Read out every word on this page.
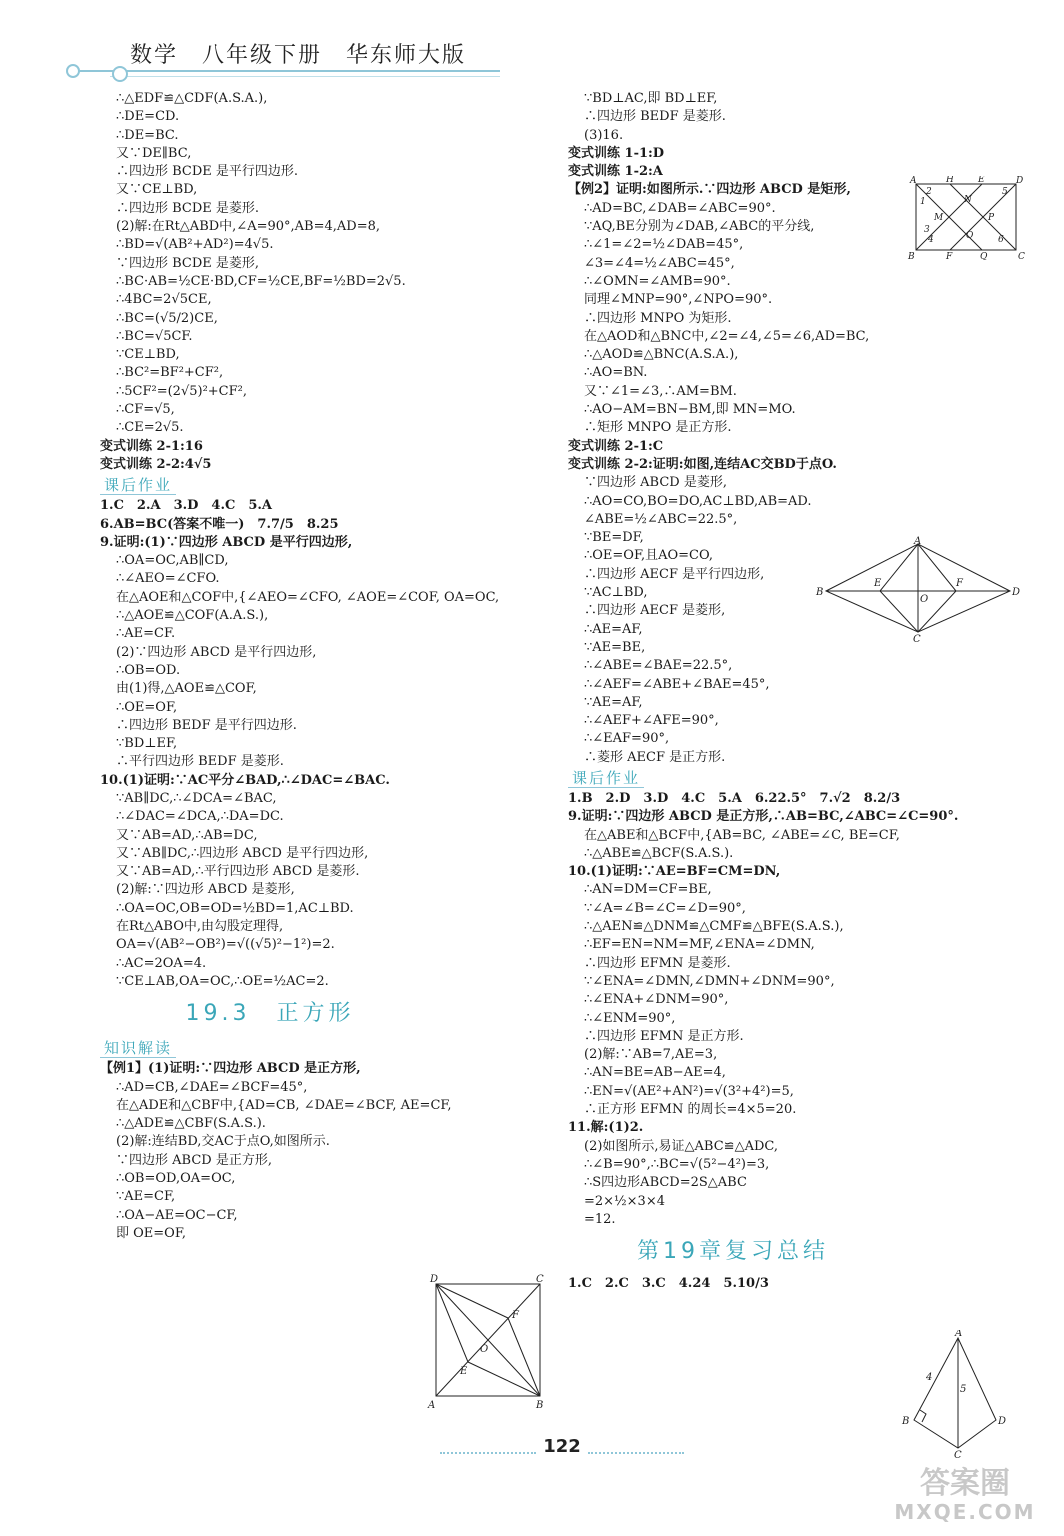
数学　八年级下册　华东师大版
∴△EDF≌△CDF(A.S.A.),
∴DE=CD.
∴DE=BC.
又∵DE∥BC,
∴四边形 BCDE 是平行四边形.
又∵CE⊥BD,
∴四边形 BCDE 是菱形.
(2)解:在Rt△ABD中,∠A=90°,AB=4,AD=8,
∴BD=√(AB²+AD²)=4√5.
∵四边形 BCDE 是菱形,
∴BC·AB=½CE·BD,CF=½CE,BF=½BD=2√5.
∴4BC=2√5CE,
∴BC=(√5/2)CE,
∴BC=√5CF.
∵CE⊥BD,
∴BC²=BF²+CF²,
∴5CF²=(2√5)²+CF²,
∴CF=√5,
∴CE=2√5.
变式训练 2-1:16
变式训练 2-2:4√5
课后作业
1.C　2.A　3.D　4.C　5.A
6.AB=BC(答案不唯一)　7.7/5　8.25
9.证明:(1)∵四边形 ABCD 是平行四边形,
∴OA=OC,AB∥CD,
∴∠AEO=∠CFO.
在△AOE和△COF中,{∠AEO=∠CFO, ∠AOE=∠COF, OA=OC,
∴△AOE≌△COF(A.A.S.),
∴AE=CF.
(2)∵四边形 ABCD 是平行四边形,
∴OB=OD.
由(1)得,△AOE≌△COF,
∴OE=OF,
∴四边形 BEDF 是平行四边形.
∵BD⊥EF,
∴平行四边形 BEDF 是菱形.
10.(1)证明:∵AC平分∠BAD,∴∠DAC=∠BAC.
∵AB∥DC,∴∠DCA=∠BAC,
∴∠DAC=∠DCA,∴DA=DC.
又∵AB=AD,∴AB=DC,
又∵AB∥DC,∴四边形 ABCD 是平行四边形,
又∵AB=AD,∴平行四边形 ABCD 是菱形.
(2)解:∵四边形 ABCD 是菱形,
∴OA=OC,OB=OD=½BD=1,AC⊥BD.
在Rt△ABO中,由勾股定理得,
OA=√(AB²−OB²)=√((√5)²−1²)=2.
∴AC=2OA=4.
∵CE⊥AB,OA=OC,∴OE=½AC=2.
19.3　正方形
知识解读
【例1】(1)证明:∵四边形 ABCD 是正方形,
∴AD=CB,∠DAE=∠BCF=45°,
在△ADE和△CBF中,{AD=CB, ∠DAE=∠BCF, AE=CF,
∴△ADE≌△CBF(S.A.S.).
(2)解:连结BD,交AC于点O,如图所示.
∵四边形 ABCD 是正方形,
∴OB=OD,OA=OC,
∵AE=CF,
∴OA−AE=OC−CF,
即 OE=OF,
∵BD⊥AC,即 BD⊥EF,
∴四边形 BEDF 是菱形.
(3)16.
变式训练 1-1:D
变式训练 1-2:A
【例2】证明:如图所示.∵四边形 ABCD 是矩形,
∴AD=BC,∠DAB=∠ABC=90°.
∵AQ,BE分别为∠DAB,∠ABC的平分线,
∴∠1=∠2=½∠DAB=45°,
∠3=∠4=½∠ABC=45°,
∴∠OMN=∠AMB=90°.
同理∠MNP=90°,∠NPO=90°.
∴四边形 MNPO 为矩形.
在△AOD和△BNC中,∠2=∠4,∠5=∠6,AD=BC,
∴△AOD≌△BNC(A.S.A.),
∴AO=BN.
又∵∠1=∠3,∴AM=BM.
∴AO−AM=BN−BM,即 MN=MO.
∴矩形 MNPO 是正方形.
变式训练 2-1:C
变式训练 2-2:证明:如图,连结AC交BD于点O.
∵四边形 ABCD 是菱形,
∴AO=CO,BO=DO,AC⊥BD,AB=AD.
∠ABE=½∠ABC=22.5°,
∵BE=DF,
∴OE=OF,且AO=CO,
∴四边形 AECF 是平行四边形,
∵AC⊥BD,
∴四边形 AECF 是菱形,
∴AE=AF,
∵AE=BE,
∴∠ABE=∠BAE=22.5°,
∴∠AEF=∠ABE+∠BAE=45°,
∵AE=AF,
∴∠AEF+∠AFE=90°,
∴∠EAF=90°,
∴菱形 AECF 是正方形.
课后作业
1.B　2.D　3.D　4.C　5.A　6.22.5°　7.√2　8.2/3
9.证明:∵四边形 ABCD 是正方形,∴AB=BC,∠ABC=∠C=90°.
在△ABE和△BCF中,{AB=BC, ∠ABE=∠C, BE=CF,
∴△ABE≌△BCF(S.A.S.).
10.(1)证明:∵AE=BF=CM=DN,
∴AN=DM=CF=BE,
∵∠A=∠B=∠C=∠D=90°,
∴△AEN≌△DNM≌△CMF≌△BFE(S.A.S.),
∴EF=EN=NM=MF,∠ENA=∠DMN,
∴四边形 EFMN 是菱形.
∵∠ENA=∠DMN,∠DMN+∠DNM=90°,
∴∠ENA+∠DNM=90°,
∴∠ENM=90°,
∴四边形 EFMN 是正方形.
(2)解:∵AB=7,AE=3,
∴AN=BE=AB−AE=4,
∴EN=√(AE²+AN²)=√(3²+4²)=5,
∴正方形 EFMN 的周长=4×5=20.
11.解:(1)2.
(2)如图所示,易证△ABC≌△ADC,
∴∠B=90°,∴BC=√(5²−4²)=3,
∴S四边形ABCD=2S△ABC
=2×½×3×4
=12.
第19章复习总结
1.C　2.C　3.C　4.24　5.10/3
A	H	E	D
B	F	Q	C
M
N
O
P
1
2
3
4
5
6
A
B
C
D
E	F
O
D	C
A	B
E
F
O
A
B
C
D
4
5
122
答案圈
MXQE.COM
